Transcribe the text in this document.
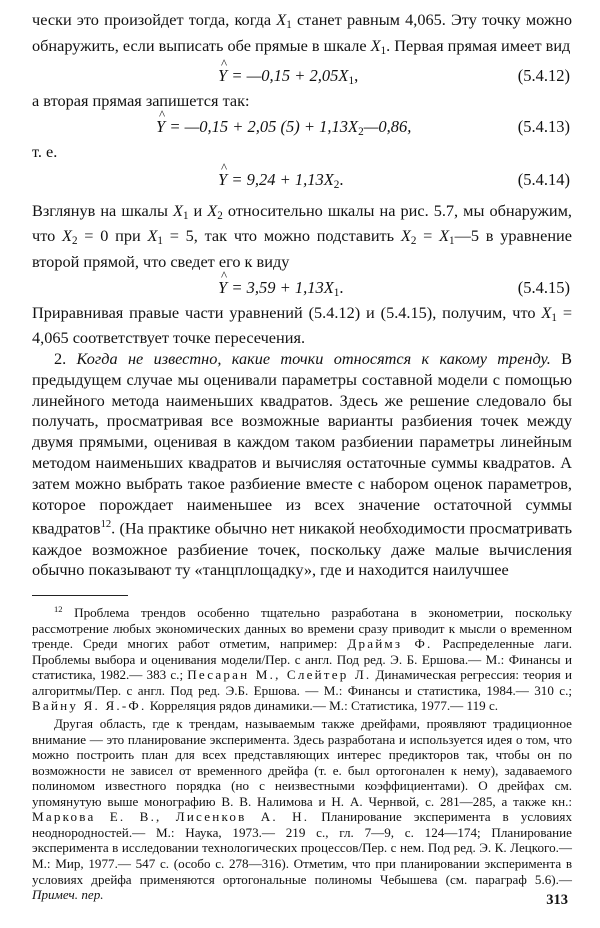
чески это произойдет тогда, когда $X_1$ станет равным 4,065. Эту точку можно обнаружить, если выписать обе прямые в шкале $X_1$. Первая прямая имеет вид

^ Y = —0,15 + $2,05X_1$,	(5.4.12)

а вторая прямая запишется так:

^ Y = —0,15 + 2,05 $(5) + 1,13X_2—0,86$,	(5.4.13)

т. е.

^ $Y = 9,24 + 1,13X_2$.	(5.4.14)

Взглянув на шкалы $X_1$ и $X_2$ относительно шкалы на рис. 5.7, мы обнаружим, что $X_2 = 0$ при $X_1 = 5$, так что можно подставить $X_2$ = $X_1—5$ в уравнение второй прямой, что сведет его к виду

^ $Y = 3,59 + 1,13X_1$.	(5.4.15)

Приравнивая правые части уравнений (5.4.12) и (5.4.15), получим, что $X_1 = 4,065$ соответствует точке пересечения.

2. Когда не известно, какие точки относятся к какому тренду. В предыдущем случае мы оценивали параметры составной модели с помощью линейного метода наименьших квадратов. Здесь же решение следовало бы получать, просматривая все возможные варианты разбиения точек между двумя прямыми, оценивая в каждом таком разбиении параметры линейным методом наименьших квадратов и вычисляя остаточные суммы квадратов. А затем можно выбрать такое разбиение вместе с набором оценок параметров, которое порождает наименьшее из всех значение остаточной суммы квадратов$^{12}$. (На практике обычно нет никакой необходимости просматривать каждое возможное разбиение точек, поскольку даже малые вычисления обычно показывают ту «танцплощадку», где и находится наилучшее

$^{12}$ Проблема трендов особенно тщательно разработана в эконометрии, поскольку рассмотрение любых экономических данных во времени сразу приводит к мысли о временном тренде. Среди многих работ отметим, например: Драймз Ф. Распределенные лаги. Проблемы выбора и оценивания модели/Пер. с англ. Под ред. Э. Б. Ершова.— М.: Финансы и статистика, 1982.— 383 с.; Песаран М., Слейтер Л. Динамическая регрессия: теория и алгоритмы/Пер. с англ. Под ред. Э.Б. Ершова. — М.: Финансы и статистика, 1984.— 310 с.; Вайну Я. Я.-Ф. Корреляция рядов динамики.— М.: Статистика, 1977.— 119 с.

Другая область, где к трендам, называемым также дрейфами, проявляют традиционное внимание — это планирование эксперимента. Здесь разработана и используется идея о том, что можно построить план для всех представляющих интерес предикторов так, чтобы он по возможности не зависел от временного дрейфа (т. е. был ортогонален к нему), задаваемого полиномом известного порядка (но с неизвестными коэффициентами). О дрейфах см. упомянутую выше монографию В. В. Налимова и Н. А. Чернвой, с. 281—285, а также кн.: Маркова Е. В., Лисенков А. Н. Планирование эксперимента в условиях неоднородностей.— М.: Наука, 1973.— 219 с., гл. 7—9, с. 124—174; Планирование эксперимента в исследовании технологических процессов/Пер. с нем. Под ред. Э. К. Лецкого.— М.: Мир, 1977.— 547 с. (особо с. 278—316). Отметим, что при планировании эксперимента в условиях дрейфа применяются ортогональные полиномы Чебышева (см. параграф 5.6).— Примеч. пер.	313
